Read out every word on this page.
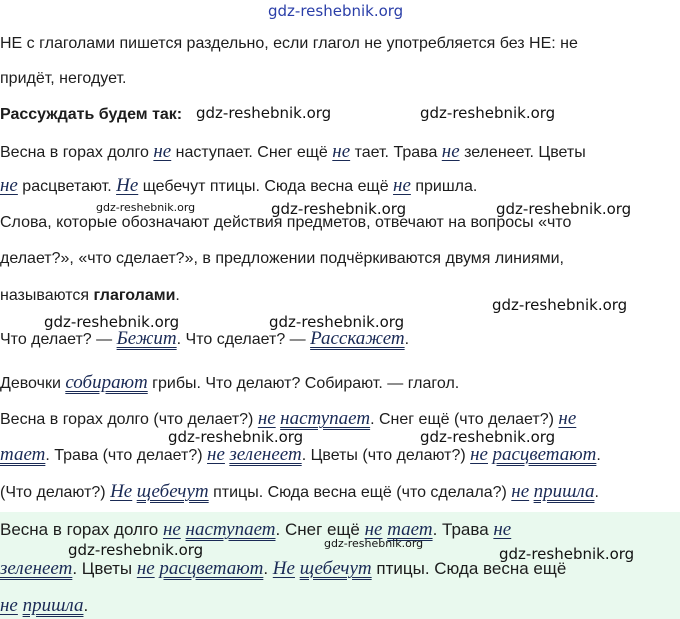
gdz-reshebnik.org
НЕ с глаголами пишется раздельно, если глагол не употребляется без НЕ: не
придёт, негодует.
Рассуждать будем так:
Весна в горах долго не наступает. Снег ещё не тает. Трава не зеленеет. Цветы
не расцветают. Не щебечут птицы. Сюда весна ещё не пришла.
Слова, которые обозначают действия предметов, отвечают на вопросы «что
делает?», «что сделает?», в предложении подчёркиваются двумя линиями,
называются глаголами.
Что делает? — Бежит. Что сделает? — Расскажет.
Девочки собирают грибы. Что делают? Собирают. — глагол.
Весна в горах долго (что делает?) не наступает. Снег ещё (что делает?) не
тает. Трава (что делает?) не зеленеет. Цветы (что делают?) не расцветают.
(Что делают?) Не щебечут птицы. Сюда весна ещё (что сделала?) не пришла.
Весна в горах долго не наступает. Снег ещё не тает. Трава не
зеленеет. Цветы не расцветают. Не щебечут птицы. Сюда весна ещё
не пришла.
gdz-reshebnik.org	gdz-reshebnik.org
gdz-reshebnik.org	gdz-reshebnik.org	gdz-reshebnik.org
gdz-reshebnik.org
gdz-reshebnik.org	gdz-reshebnik.org
gdz-reshebnik.org	gdz-reshebnik.org
gdz-reshebnik.org	gdz-reshebnik.org
gdz-reshebnik.org
